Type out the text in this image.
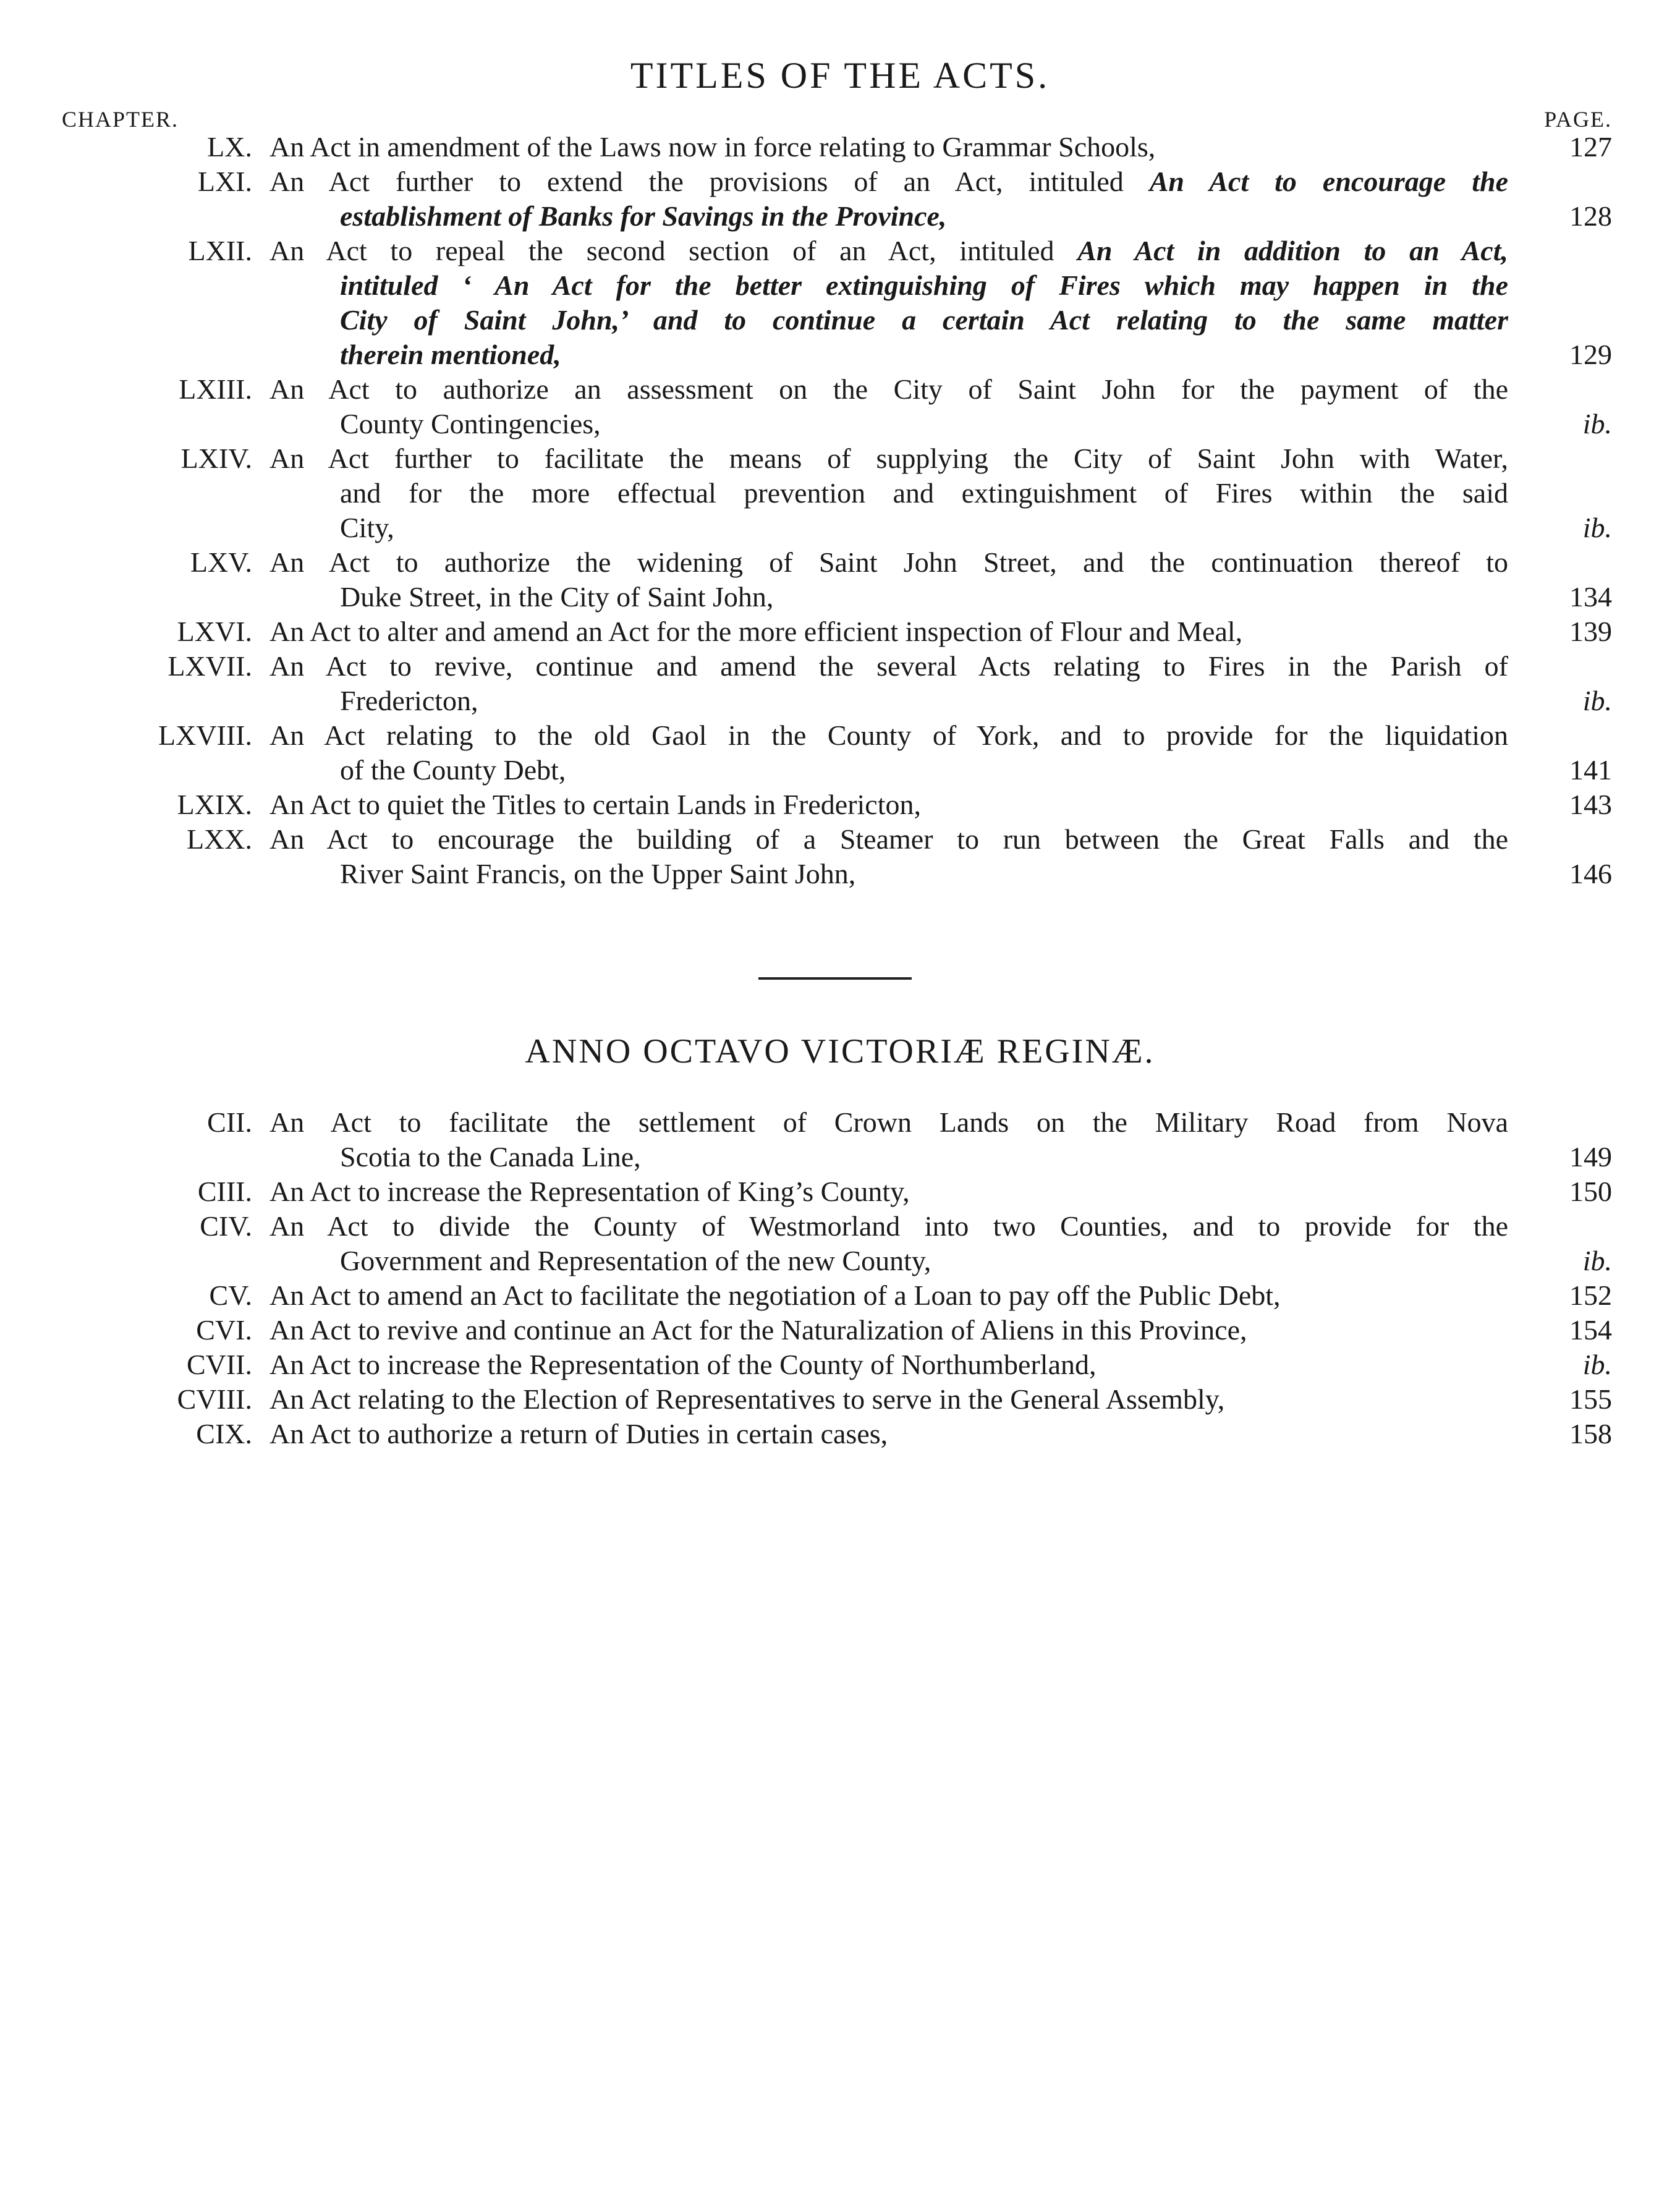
TITLES OF THE ACTS.
CHAPTER.	PAGE.
LX. An Act in amendment of the Laws now in force relating to Grammar Schools,	127
LXI. An Act further to extend the provisions of an Act, intituled An Act to encourage the
establishment of Banks for Savings in the Province,	128
LXII. An Act to repeal the second section of an Act, intituled An Act in addition to an Act,
intituled ‘ An Act for the better extinguishing of Fires which may happen in the
City of Saint John,’ and to continue a certain Act relating to the same matter
therein mentioned,	129
LXIII. An Act to authorize an assessment on the City of Saint John for the payment of the
County Contingencies,	ib.
LXIV. An Act further to facilitate the means of supplying the City of Saint John with Water,
and for the more effectual prevention and extinguishment of Fires within the said
City,	ib.
LXV. An Act to authorize the widening of Saint John Street, and the continuation thereof to
Duke Street, in the City of Saint John,	134
LXVI. An Act to alter and amend an Act for the more efficient inspection of Flour and Meal,	139
LXVII. An Act to revive, continue and amend the several Acts relating to Fires in the Parish of
Fredericton,	ib.
LXVIII. An Act relating to the old Gaol in the County of York, and to provide for the liquidation
of the County Debt,	141
LXIX. An Act to quiet the Titles to certain Lands in Fredericton,	143
LXX. An Act to encourage the building of a Steamer to run between the Great Falls and the
River Saint Francis, on the Upper Saint John,	146
ANNO OCTAVO VICTORIÆ REGINÆ.
CII. An Act to facilitate the settlement of Crown Lands on the Military Road from Nova
Scotia to the Canada Line,	149
CIII. An Act to increase the Representation of King’s County,	150
CIV. An Act to divide the County of Westmorland into two Counties, and to provide for the
Government and Representation of the new County,	ib.
CV. An Act to amend an Act to facilitate the negotiation of a Loan to pay off the Public Debt,	152
CVI. An Act to revive and continue an Act for the Naturalization of Aliens in this Province,	154
CVII. An Act to increase the Representation of the County of Northumberland,	ib.
CVIII. An Act relating to the Election of Representatives to serve in the General Assembly,	155
CIX. An Act to authorize a return of Duties in certain cases,	158
